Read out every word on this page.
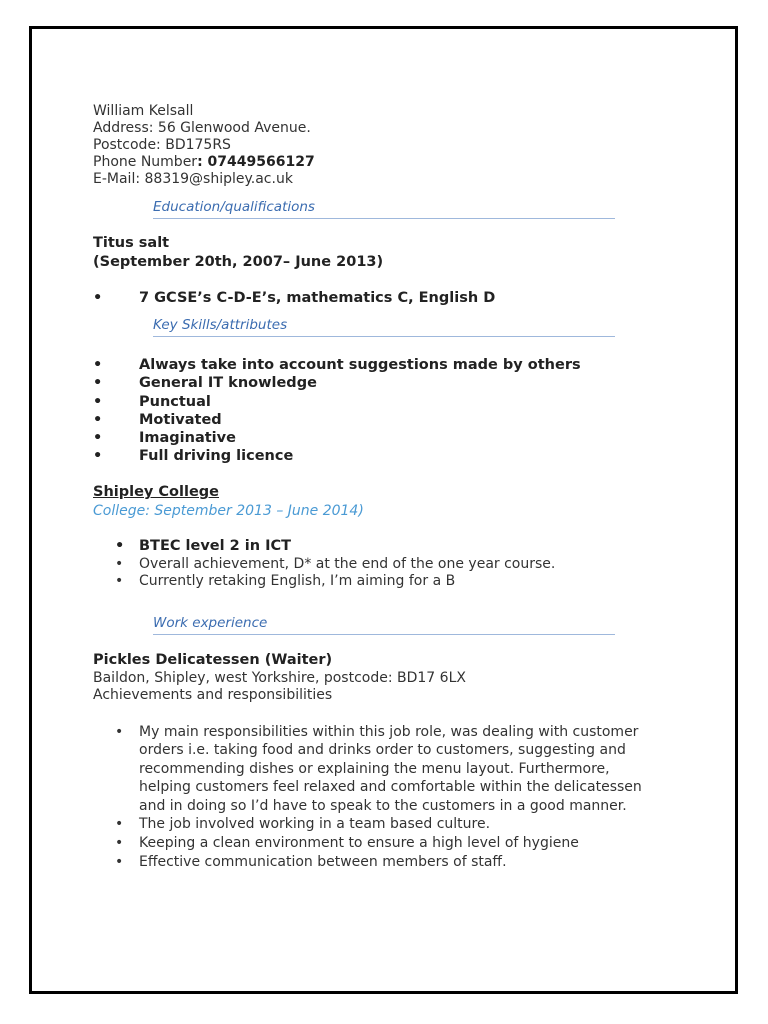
William Kelsall
Address: 56 Glenwood Avenue.
Postcode: BD175RS
Phone Number: 07449566127
E-Mail: 88319@shipley.ac.uk
Education/qualifications
Titus salt
(September 20th, 2007– June 2013)
•	7 GCSE’s C-D-E’s, mathematics C, English D
Key Skills/attributes
•	Always take into account suggestions made by others
•	General IT knowledge
•	Punctual
•	Motivated
•	Imaginative
•	Full driving licence
Shipley College
College: September 2013 – June 2014)
• BTEC level 2 in ICT
• Overall achievement, D* at the end of the one year course.
• Currently retaking English, I’m aiming for a B
Work experience
Pickles Delicatessen (Waiter)
Baildon, Shipley, west Yorkshire, postcode: BD17 6LX
Achievements and responsibilities
• My main responsibilities within this job role, was dealing with customer orders i.e. taking food and drinks order to customers, suggesting and recommending dishes or explaining the menu layout. Furthermore, helping customers feel relaxed and comfortable within the delicatessen and in doing so I’d have to speak to the customers in a good manner.
• The job involved working in a team based culture.
• Keeping a clean environment to ensure a high level of hygiene
• Effective communication between members of staff.
